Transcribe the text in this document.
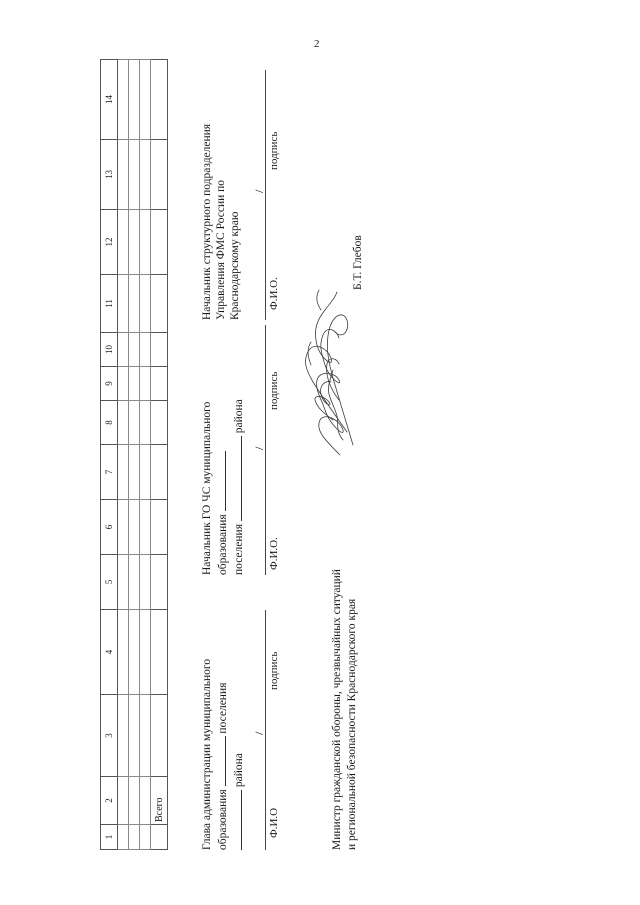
2
1	2	3	4	5	6	7	8	9	10	11	12	13	14

	Всего													Глава администрации муниципального образования  поселения
района
/
Ф.И.О
подпись
Начальник ГО ЧС муниципального образования поселения  района
/
Ф.И.О.
подпись
Начальник структурного подразделения Управления ФМС России по Краснодарскому краю
/
Ф.И.О.
подпись
Министр гражданской обороны, чрезвычайных ситуаций и региональной безопасности Краснодарского края
Б.Т. Глебов
